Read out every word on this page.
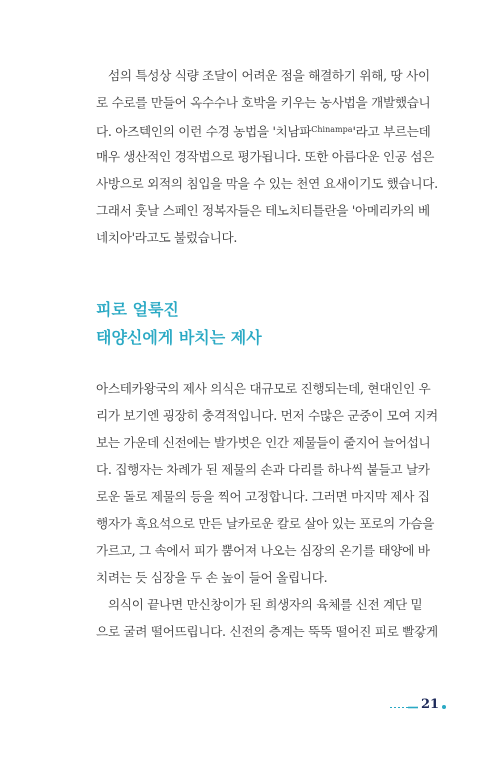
섬의 특성상 식량 조달이 어려운 점을 해결하기 위해, 땅 사이
로 수로를 만들어 옥수수나 호박을 키우는 농사법을 개발했습니
다. 아즈텍인의 이런 수경 농법을 '치남파$^{Chinampa}$'라고 부르는데
매우 생산적인 경작법으로 평가됩니다. 또한 아름다운 인공 섬은
사방으로 외적의 침입을 막을 수 있는 천연 요새이기도 했습니다.
그래서 훗날 스페인 정복자들은 테노치티틀란을 '아메리카의 베
네치아'라고도 불렀습니다.
피로 얼룩진
태양신에게 바치는 제사
아스테카왕국의 제사 의식은 대규모로 진행되는데, 현대인인 우
리가 보기엔 굉장히 충격적입니다. 먼저 수많은 군중이 모여 지켜
보는 가운데 신전에는 발가벗은 인간 제물들이 줄지어 늘어섭니
다. 집행자는 차례가 된 제물의 손과 다리를 하나씩 붙들고 날카
로운 돌로 제물의 등을 찍어 고정합니다. 그러면 마지막 제사 집
행자가 흑요석으로 만든 날카로운 칼로 살아 있는 포로의 가슴을
가르고, 그 속에서 피가 뿜어져 나오는 심장의 온기를 태양에 바
치려는 듯 심장을 두 손 높이 들어 올립니다.
의식이 끝나면 만신창이가 된 희생자의 육체를 신전 계단 밑
으로 굴려 떨어뜨립니다. 신전의 층계는 뚝뚝 떨어진 피로 빨갛게
21
